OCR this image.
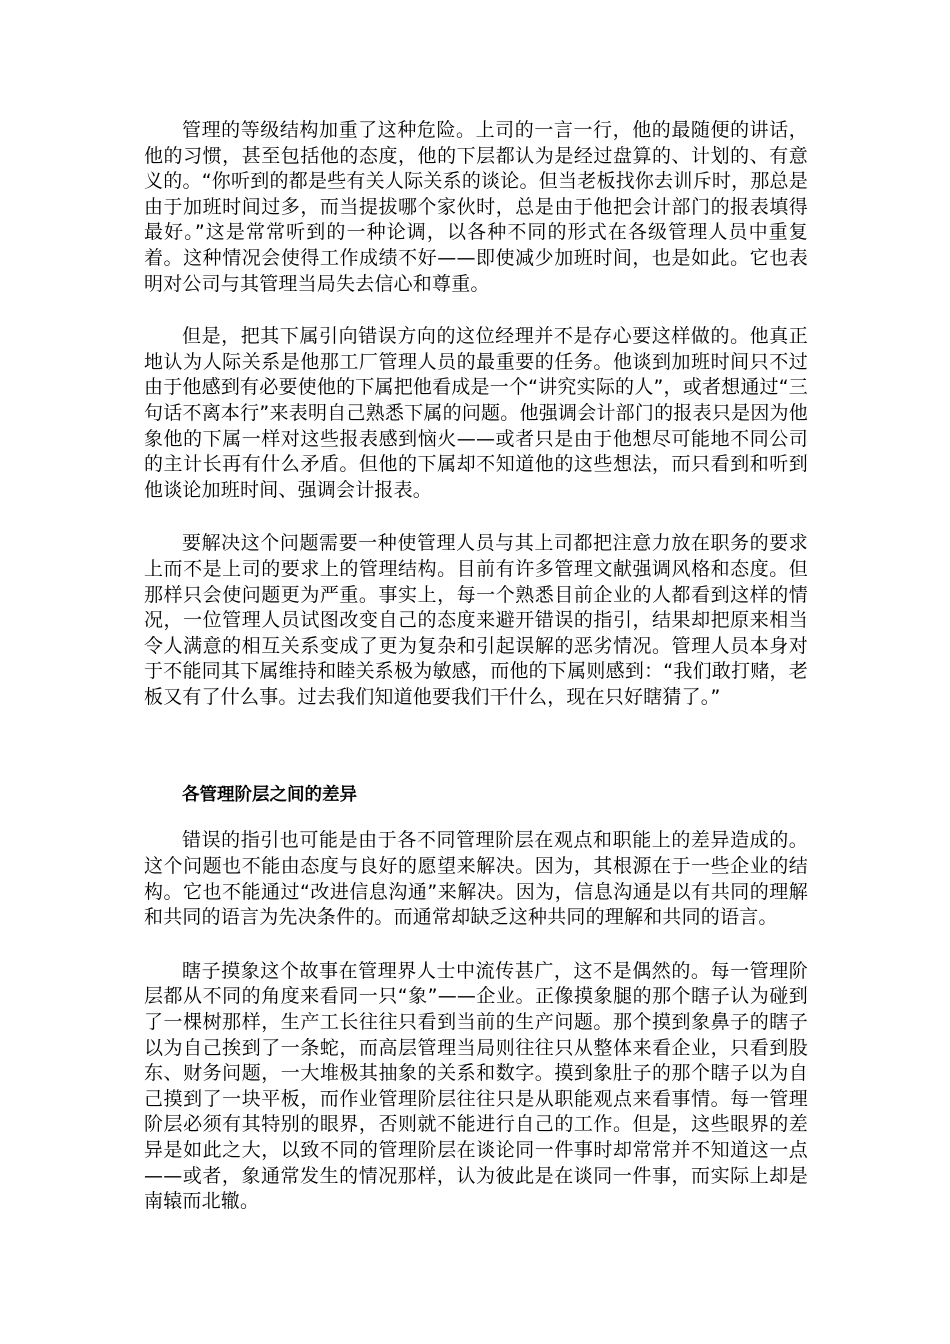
管理的等级结构加重了这种危险。上司的一言一行，他的最随便的讲话，他的习惯，甚至包括他的态度，他的下层都认为是经过盘算的、计划的、有意义的。“你听到的都是些有关人际关系的谈论。但当老板找你去训斥时，那总是由于加班时间过多，而当提拔哪个家伙时，总是由于他把会计部门的报表填得最好。”这是常常听到的一种论调，以各种不同的形式在各级管理人员中重复着。这种情况会使得工作成绩不好——即使减少加班时间，也是如此。它也表明对公司与其管理当局失去信心和尊重。

但是，把其下属引向错误方向的这位经理并不是存心要这样做的。他真正地认为人际关系是他那工厂管理人员的最重要的任务。他谈到加班时间只不过由于他感到有必要使他的下属把他看成是一个“讲究实际的人”，或者想通过“三句话不离本行”来表明自己熟悉下属的问题。他强调会计部门的报表只是因为他象他的下属一样对这些报表感到恼火——或者只是由于他想尽可能地不同公司的主计长再有什么矛盾。但他的下属却不知道他的这些想法，而只看到和听到他谈论加班时间、强调会计报表。

要解决这个问题需要一种使管理人员与其上司都把注意力放在职务的要求上而不是上司的要求上的管理结构。目前有许多管理文献强调风格和态度。但那样只会使问题更为严重。事实上，每一个熟悉目前企业的人都看到这样的情况，一位管理人员试图改变自己的态度来避开错误的指引，结果却把原来相当令人满意的相互关系变成了更为复杂和引起误解的恶劣情况。管理人员本身对于不能同其下属维持和睦关系极为敏感，而他的下属则感到：“我们敢打赌，老板又有了什么事。过去我们知道他要我们干什么，现在只好瞎猜了。”

各管理阶层之间的差异

错误的指引也可能是由于各不同管理阶层在观点和职能上的差异造成的。这个问题也不能由态度与良好的愿望来解决。因为，其根源在于一些企业的结构。它也不能通过“改进信息沟通”来解决。因为，信息沟通是以有共同的理解和共同的语言为先决条件的。而通常却缺乏这种共同的理解和共同的语言。

瞎子摸象这个故事在管理界人士中流传甚广，这不是偶然的。每一管理阶层都从不同的角度来看同一只“象”——企业。正像摸象腿的那个瞎子认为碰到了一棵树那样，生产工长往往只看到当前的生产问题。那个摸到象鼻子的瞎子以为自己挨到了一条蛇，而高层管理当局则往往只从整体来看企业，只看到股东、财务问题，一大堆极其抽象的关系和数字。摸到象肚子的那个瞎子以为自己摸到了一块平板，而作业管理阶层往往只是从职能观点来看事情。每一管理阶层必须有其特别的眼界，否则就不能进行自己的工作。但是，这些眼界的差异是如此之大，以致不同的管理阶层在谈论同一件事时却常常并不知道这一点——或者，象通常发生的情况那样，认为彼此是在谈同一件事，而实际上却是南辕而北辙。
